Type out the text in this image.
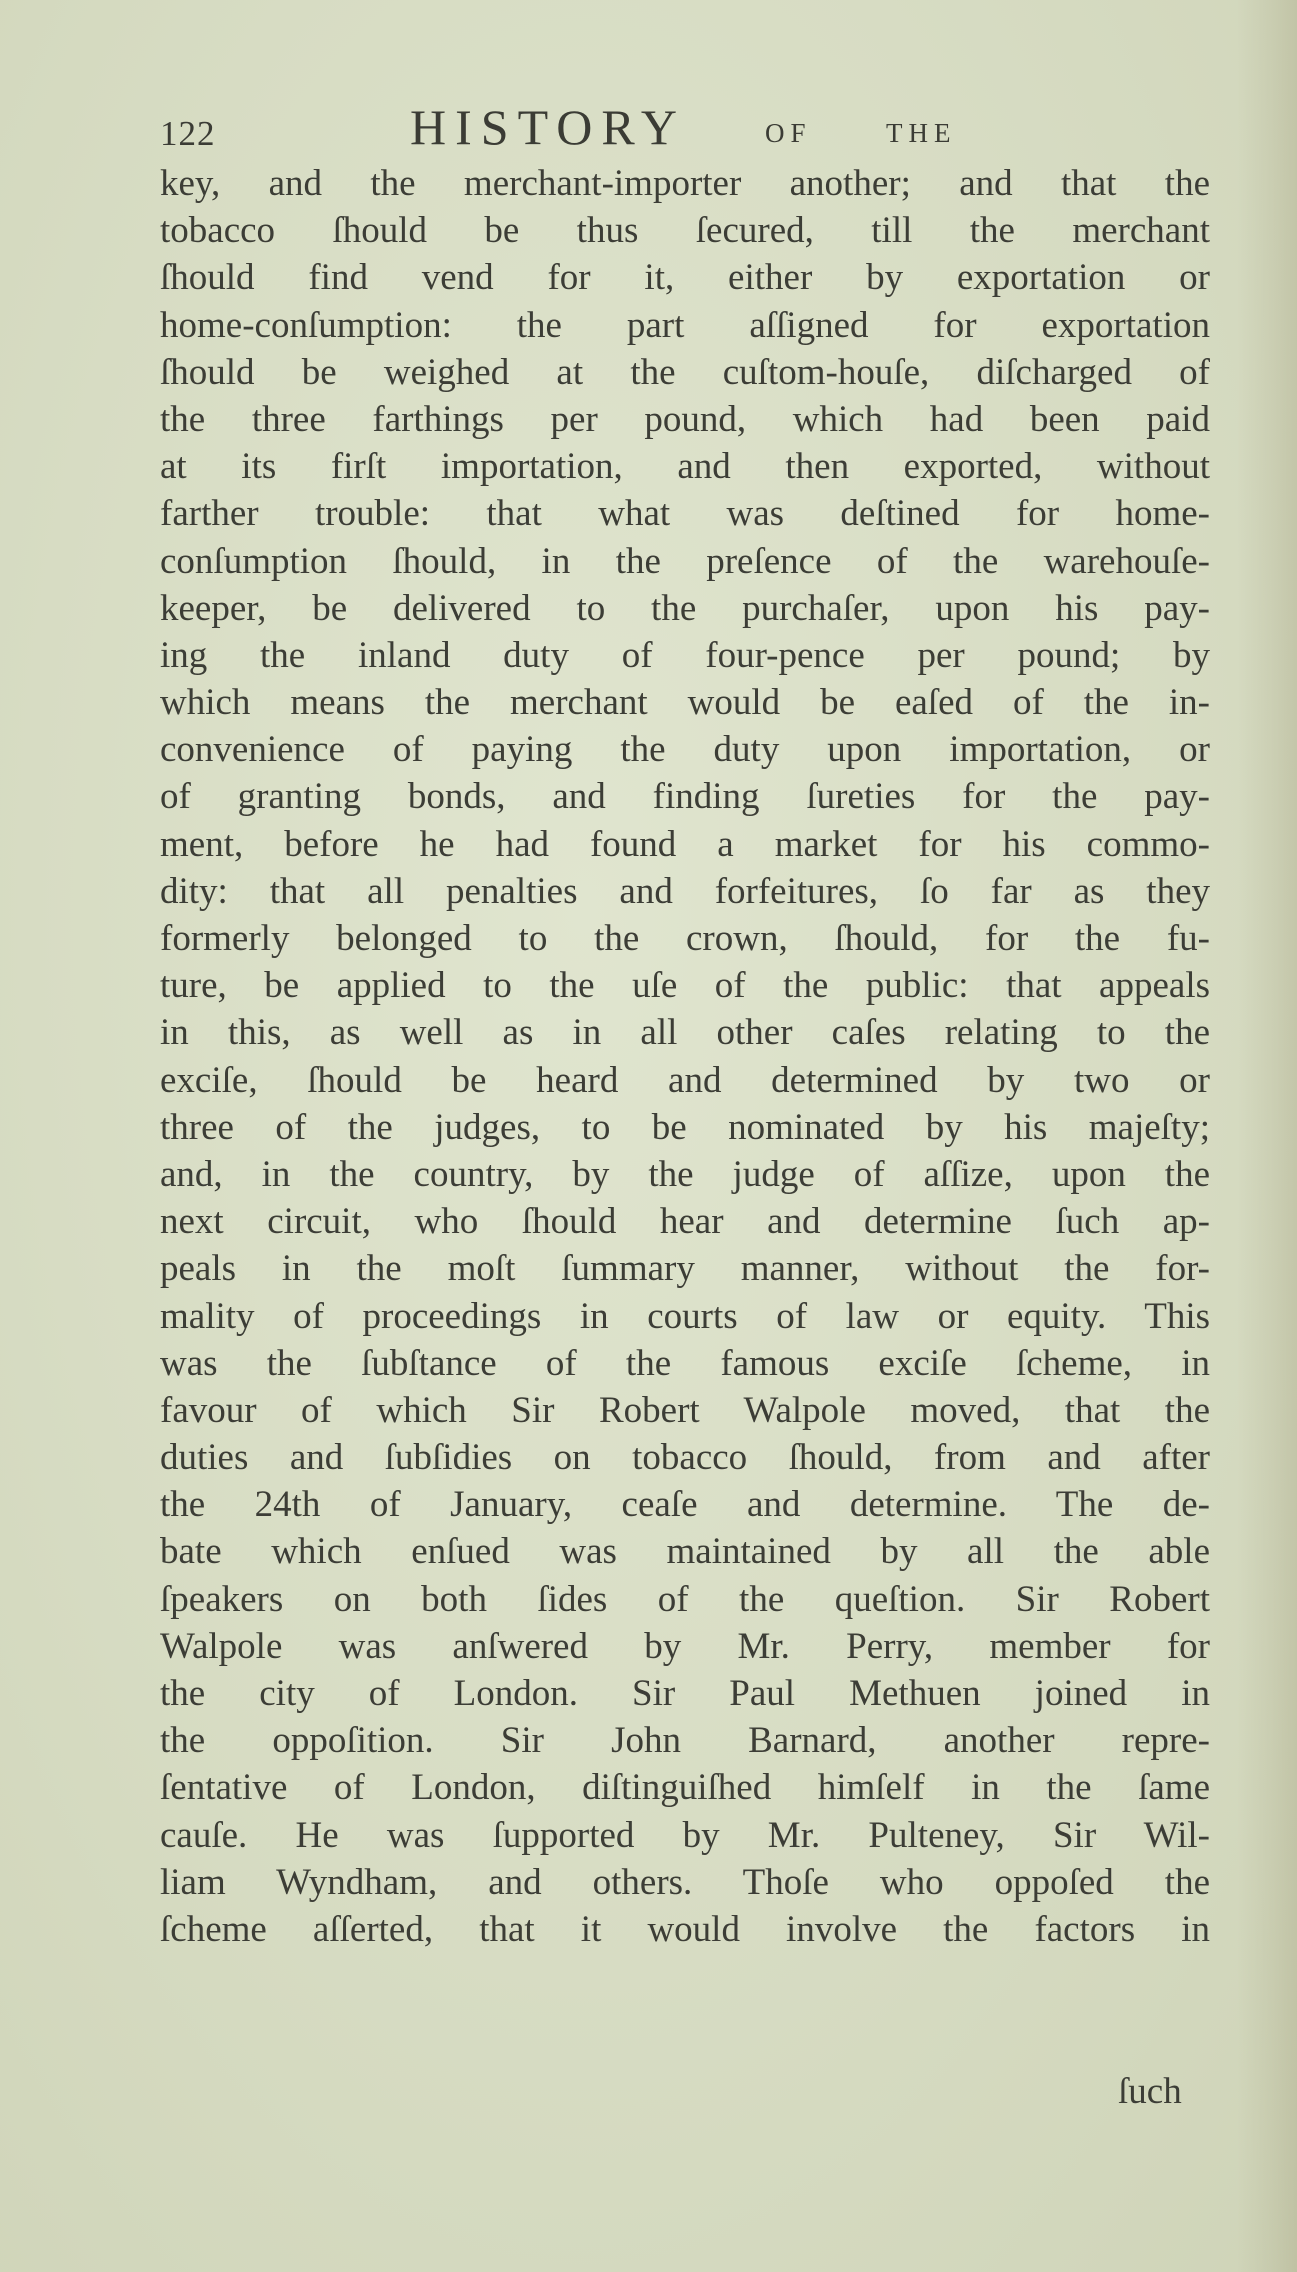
122	HISTORY	OF	THE
key, and the merchant-importer another; and that the
tobacco ſhould be thus ſecured, till the merchant
ſhould find vend for it, either by exportation or
home-conſumption: the part aſſigned for exportation
ſhould be weighed at the cuſtom-houſe, diſcharged of
the three farthings per pound, which had been paid
at its firſt importation, and then exported, without
farther trouble: that what was deſtined for home-
conſumption ſhould, in the preſence of the warehouſe-
keeper, be delivered to the purchaſer, upon his pay-
ing the inland duty of four-pence per pound; by
which means the merchant would be eaſed of the in-
convenience of paying the duty upon importation, or
of granting bonds, and finding ſureties for the pay-
ment, before he had found a market for his commo-
dity: that all penalties and forfeitures, ſo far as they
formerly belonged to the crown, ſhould, for the fu-
ture, be applied to the uſe of the public: that appeals
in this, as well as in all other caſes relating to the
exciſe, ſhould be heard and determined by two or
three of the judges, to be nominated by his majeſty;
and, in the country, by the judge of aſſize, upon the
next circuit, who ſhould hear and determine ſuch ap-
peals in the moſt ſummary manner, without the for-
mality of proceedings in courts of law or equity. This
was the ſubſtance of the famous exciſe ſcheme, in
favour of which Sir Robert Walpole moved, that the
duties and ſubſidies on tobacco ſhould, from and after
the 24th of January, ceaſe and determine. The de-
bate which enſued was maintained by all the able
ſpeakers on both ſides of the queſtion. Sir Robert
Walpole was anſwered by Mr. Perry, member for
the city of London. Sir Paul Methuen joined in
the oppoſition. Sir John Barnard, another repre-
ſentative of London, diſtinguiſhed himſelf in the ſame
cauſe. He was ſupported by Mr. Pulteney, Sir Wil-
liam Wyndham, and others. Thoſe who oppoſed the
ſcheme aſſerted, that it would involve the factors in
ſuch
